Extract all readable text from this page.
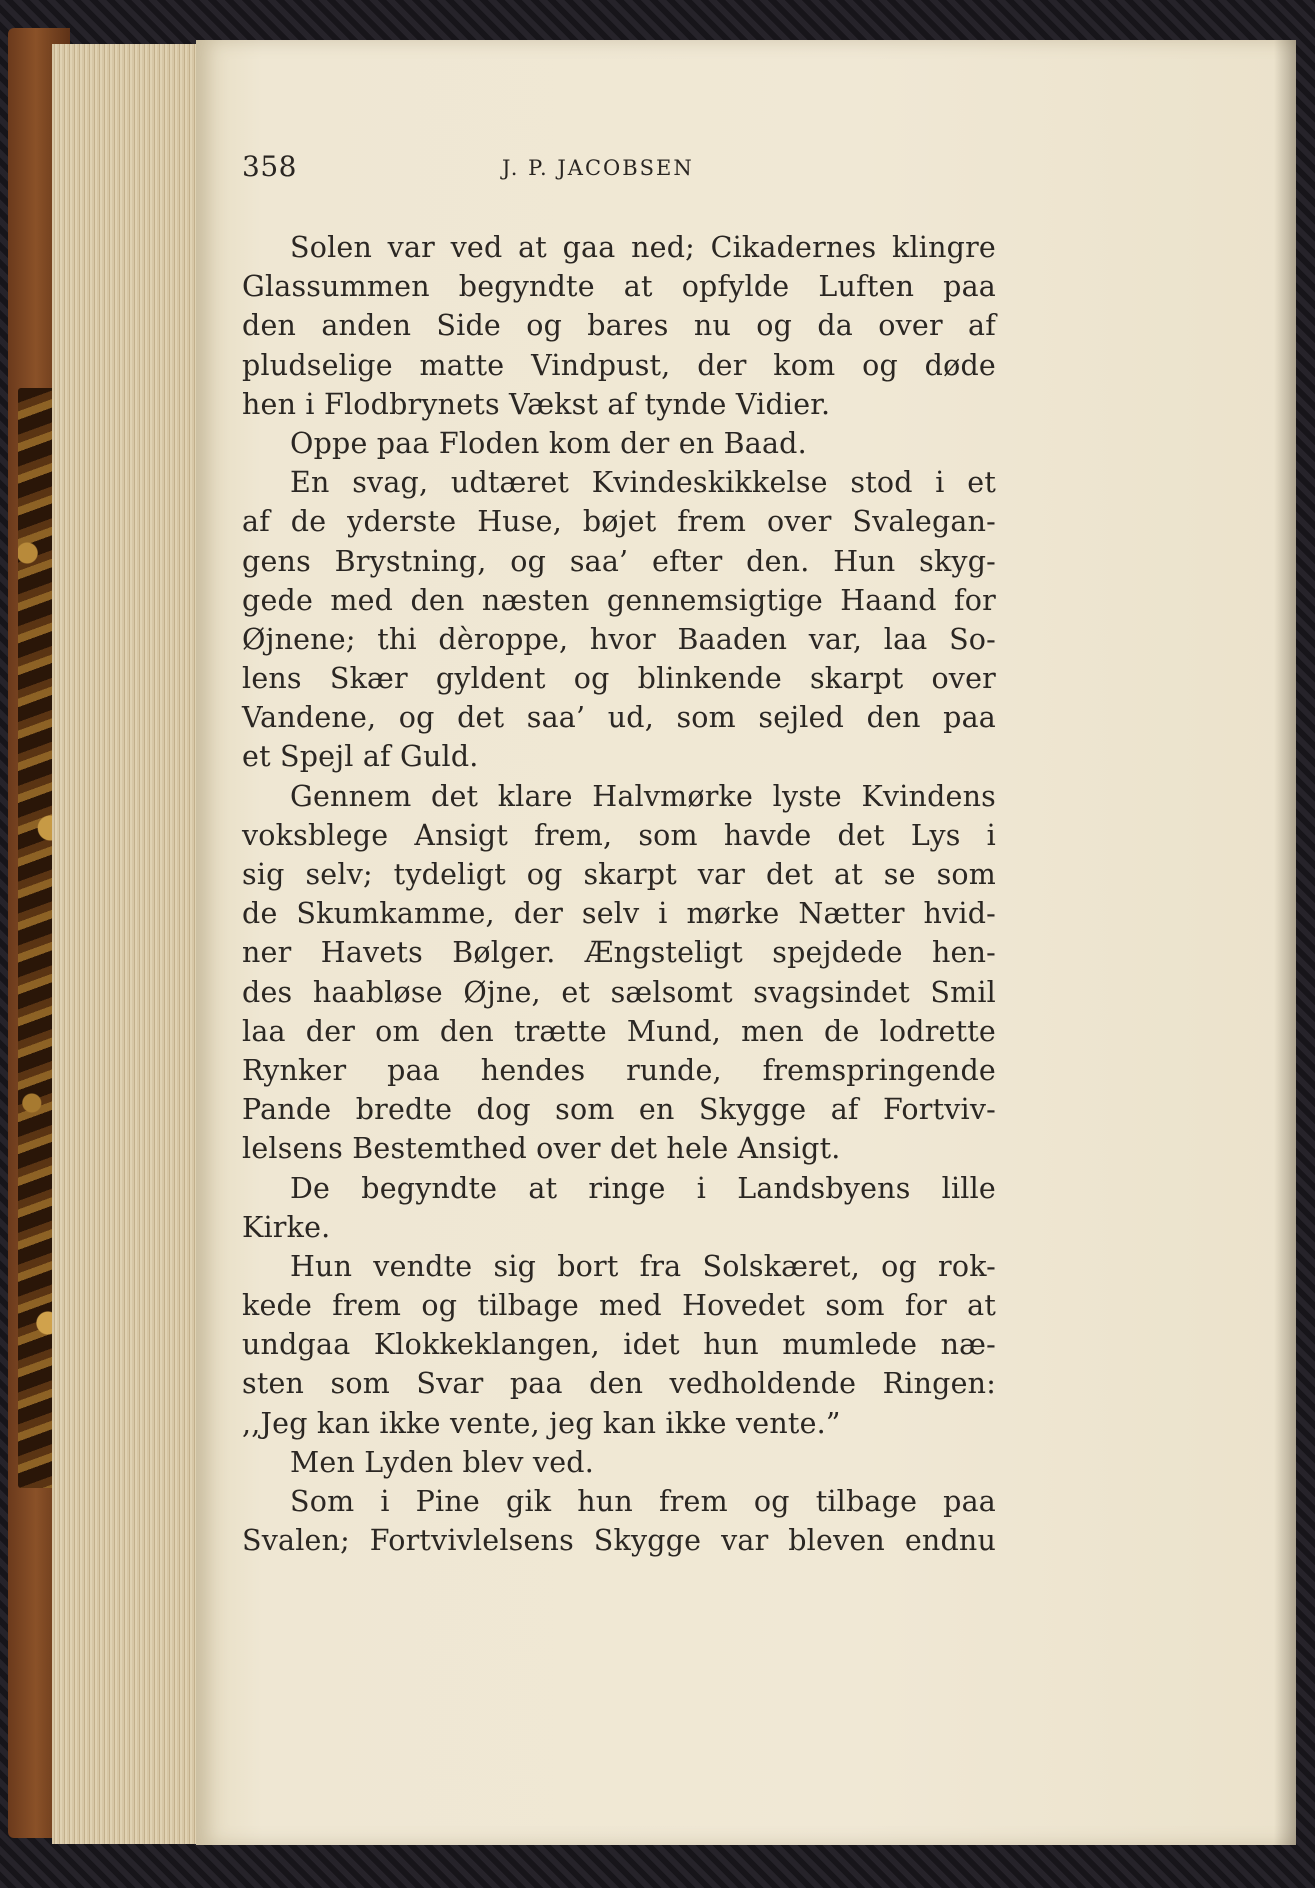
358	J. P. JACOBSEN
Solen var ved at gaa ned; Cikadernes klingre
Glassummen begyndte at opfylde Luften paa
den anden Side og bares nu og da over af
pludselige matte Vindpust, der kom og døde
hen i Flodbrynets Vækst af tynde Vidier.
Oppe paa Floden kom der en Baad.
En svag, udtæret Kvindeskikkelse stod i et
af de yderste Huse, bøjet frem over Svalegan-
gens Brystning, og saa’ efter den. Hun skyg-
gede med den næsten gennemsigtige Haand for
Øjnene; thi dèroppe, hvor Baaden var, laa So-
lens Skær gyldent og blinkende skarpt over
Vandene, og det saa’ ud, som sejled den paa
et Spejl af Guld.
Gennem det klare Halvmørke lyste Kvindens
voksblege Ansigt frem, som havde det Lys i
sig selv; tydeligt og skarpt var det at se som
de Skumkamme, der selv i mørke Nætter hvid-
ner Havets Bølger. Ængsteligt spejdede hen-
des haabløse Øjne, et sælsomt svagsindet Smil
laa der om den trætte Mund, men de lodrette
Rynker paa hendes runde, fremspringende
Pande bredte dog som en Skygge af Fortviv-
lelsens Bestemthed over det hele Ansigt.
De begyndte at ringe i Landsbyens lille
Kirke.
Hun vendte sig bort fra Solskæret, og rok-
kede frem og tilbage med Hovedet som for at
undgaa Klokkeklangen, idet hun mumlede næ-
sten som Svar paa den vedholdende Ringen:
,,Jeg kan ikke vente, jeg kan ikke vente.”
Men Lyden blev ved.
Som i Pine gik hun frem og tilbage paa
Svalen; Fortvivlelsens Skygge var bleven endnu
